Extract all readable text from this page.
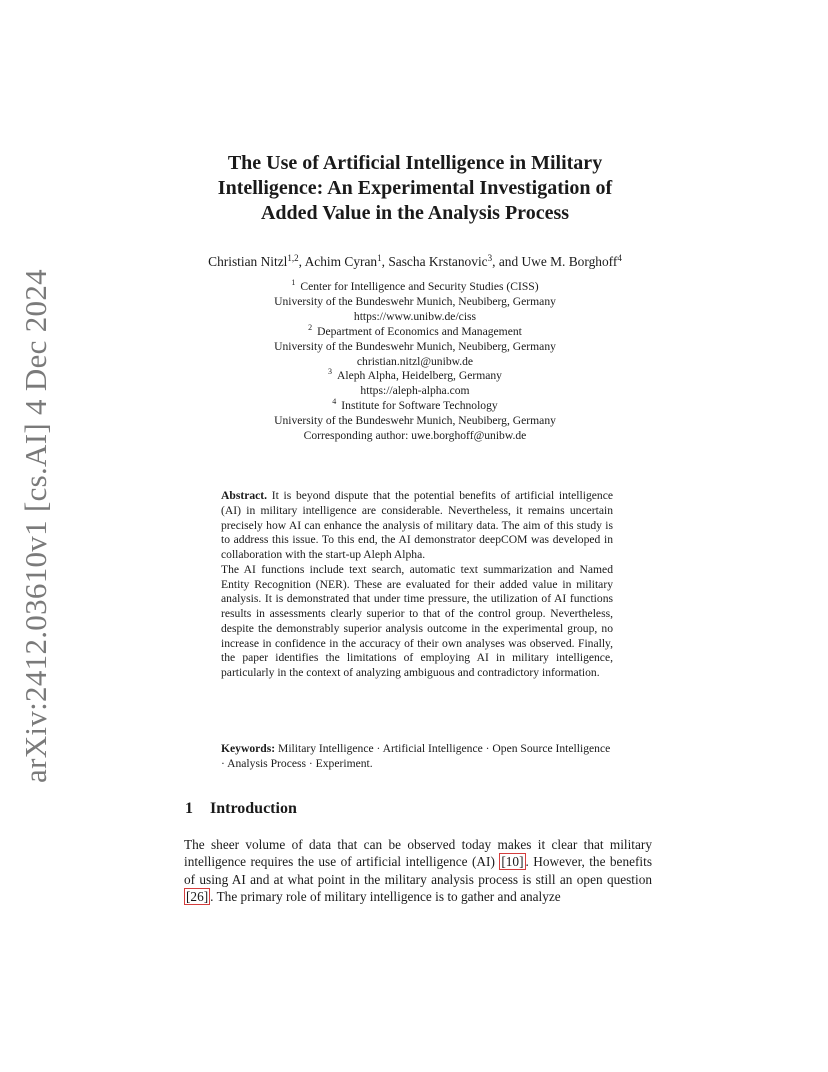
arXiv:2412.03610v1 [cs.AI] 4 Dec 2024
The Use of Artificial Intelligence in Military
Intelligence: An Experimental Investigation of
Added Value in the Analysis Process
Christian Nitzl$^{1,2}$, Achim Cyran$^1$, Sascha Krstanovic$^3$, and Uwe M. Borghoff$^4$
$^1$ Center for Intelligence and Security Studies (CISS)
University of the Bundeswehr Munich, Neubiberg, Germany
https://www.unibw.de/ciss
$^2$ Department of Economics and Management
University of the Bundeswehr Munich, Neubiberg, Germany
christian.nitzl@unibw.de
$^3$ Aleph Alpha, Heidelberg, Germany
https://aleph-alpha.com
$^4$ Institute for Software Technology
University of the Bundeswehr Munich, Neubiberg, Germany
Corresponding author: uwe.borghoff@unibw.de

Abstract. It is beyond dispute that the potential benefits of artificial intelligence (AI) in military intelligence are considerable. Nevertheless, it remains uncertain precisely how AI can enhance the analysis of military data. The aim of this study is to address this issue. To this end, the AI demonstrator deepCOM was developed in collaboration with the start-up Aleph Alpha.

The AI functions include text search, automatic text summarization and Named Entity Recognition (NER). These are evaluated for their added value in military analysis. It is demonstrated that under time pressure, the utilization of AI functions results in assessments clearly superior to that of the control group. Nevertheless, despite the demonstrably superior analysis outcome in the experimental group, no increase in confidence in the accuracy of their own analyses was observed. Finally, the paper identifies the limitations of employing AI in military intelligence, particularly in the context of analyzing ambiguous and contradictory information.

Keywords: Military Intelligence · Artificial Intelligence · Open Source Intelligence · Analysis Process · Experiment.
1 Introduction

The sheer volume of data that can be observed today makes it clear that military intelligence requires the use of artificial intelligence (AI) [10] . However, the benefits of using AI and at what point in the military analysis process is still an open question [26] . The primary role of military intelligence is to gather and analyze
